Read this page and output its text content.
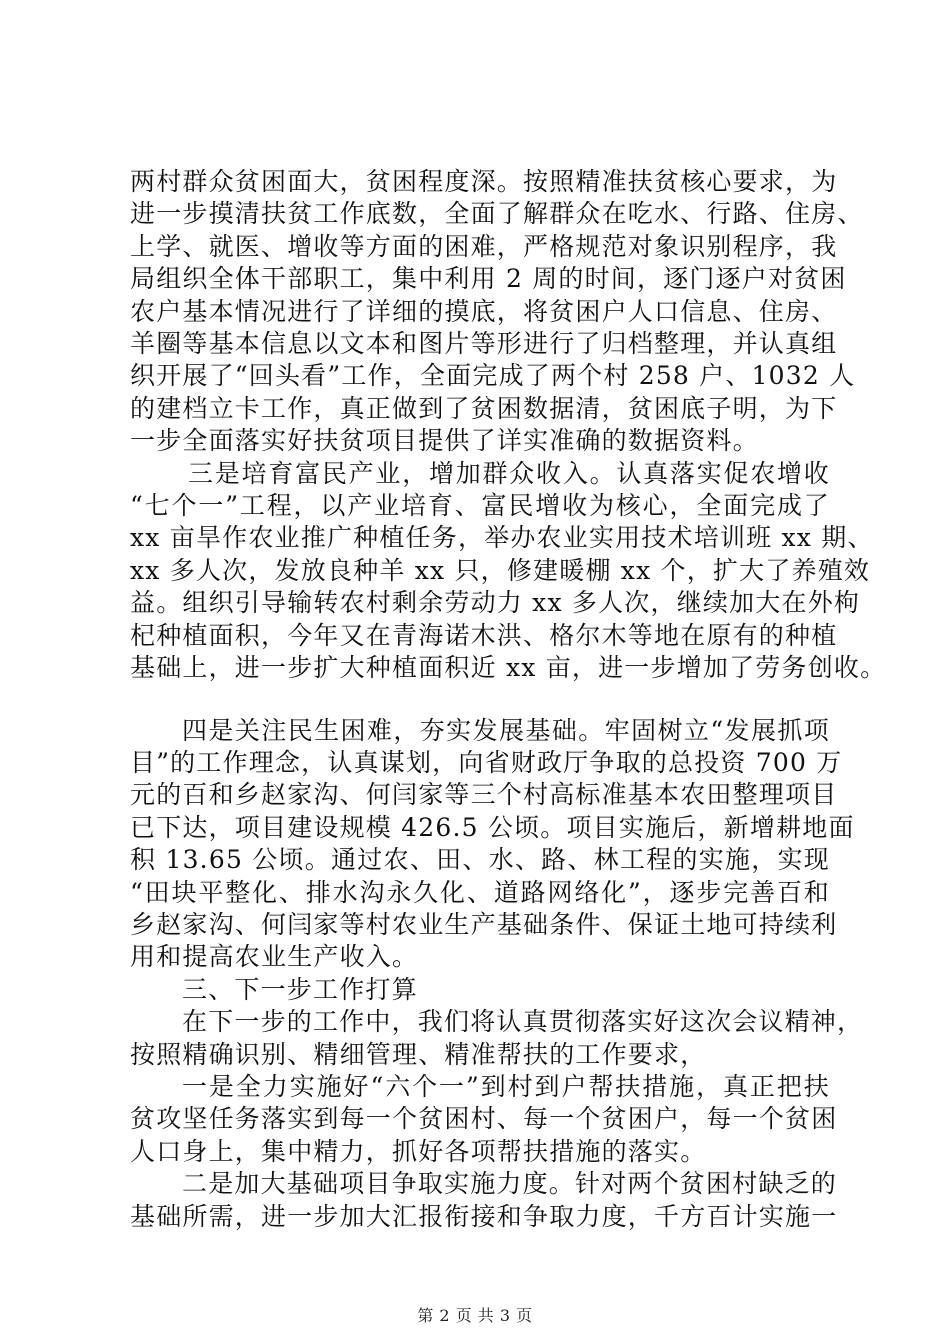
两村群众贫困面大，贫困程度深。按照精准扶贫核心要求，为
进一步摸清扶贫工作底数，全面了解群众在吃水、行路、住房、
上学、就医、增收等方面的困难，严格规范对象识别程序，我
局组织全体干部职工，集中利用 2 周的时间，逐门逐户对贫困
农户基本情况进行了详细的摸底，将贫困户人口信息、住房、
羊圈等基本信息以文本和图片等形进行了归档整理，并认真组
织开展了“回头看”工作，全面完成了两个村 258 户、1032 人
的建档立卡工作，真正做到了贫困数据清，贫困底子明，为下
一步全面落实好扶贫项目提供了详实准确的数据资料。

三是培育富民产业，增加群众收入。认真落实促农增收
“七个一”工程，以产业培育、富民增收为核心，全面完成了
xx 亩旱作农业推广种植任务，举办农业实用技术培训班 xx 期、
xx 多人次，发放良种羊 xx 只，修建暖棚 xx 个，扩大了养殖效
益。组织引导输转农村剩余劳动力 xx 多人次，继续加大在外枸
杞种植面积，今年又在青海诺木洪、格尔木等地在原有的种植
基础上，进一步扩大种植面积近 xx 亩，进一步增加了劳务创收。

四是关注民生困难，夯实发展基础。牢固树立“发展抓项
目”的工作理念，认真谋划，向省财政厅争取的总投资 700 万
元的百和乡赵家沟、何闫家等三个村高标准基本农田整理项目
已下达，项目建设规模 426.5 公顷。项目实施后，新增耕地面
积 13.65 公顷。通过农、田、水、路、林工程的实施，实现
“田块平整化、排水沟永久化、道路网络化”，逐步完善百和
乡赵家沟、何闫家等村农业生产基础条件、保证土地可持续利
用和提高农业生产收入。

三、下一步工作打算

在下一步的工作中，我们将认真贯彻落实好这次会议精神，
按照精确识别、精细管理、精准帮扶的工作要求，

一是全力实施好“六个一”到村到户帮扶措施，真正把扶
贫攻坚任务落实到每一个贫困村、每一个贫困户，每一个贫困
人口身上，集中精力，抓好各项帮扶措施的落实。

二是加大基础项目争取实施力度。针对两个贫困村缺乏的
基础所需，进一步加大汇报衔接和争取力度，千方百计实施一

第 2 页 共 3 页
